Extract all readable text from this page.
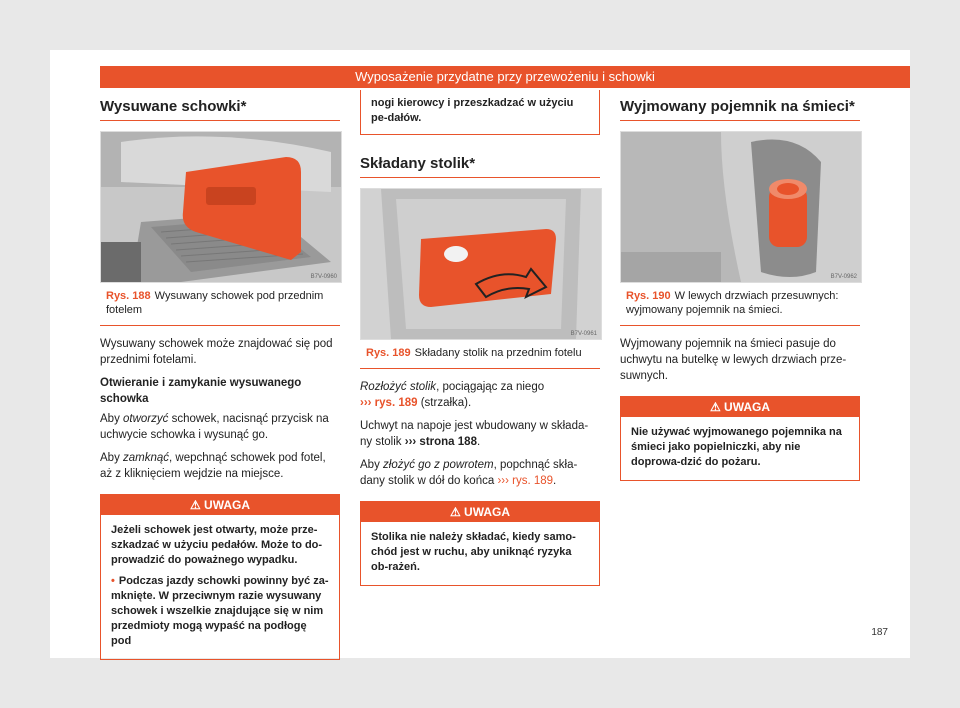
Wyposażenie przydatne przy przewożeniu i schowki
Wysuwane schowki*
B7V-0960
Rys. 188 Wysuwany schowek pod przednim fotelem

Wysuwany schowek może znajdować się pod przednimi fotelami.

Otwieranie i zamykanie wysuwanego schowka

Aby otworzyć schowek, nacisnąć przycisk na uchwycie schowka i wysunąć go.

Aby zamknąć, wepchnąć schowek pod fotel, aż z kliknięciem wejdzie na miejsce.

⚠ UWAGA

Jeżeli schowek jest otwarty, może prze-szkadzać w użyciu pedałów. Może to do-prowadzić do poważnego wypadku.

• Podczas jazdy schowki powinny być za-mknięte. W przeciwnym razie wysuwany schowek i wszelkie znajdujące się w nim przedmioty mogą wypaść na podłogę pod

nogi kierowcy i przeszkadzać w użyciu pe-dałów.
Składany stolik*
B7V-0961
Rys. 189 Składany stolik na przednim fotelu

Rozłożyć stolik, pociągając za niego
››› rys. 189 (strzałka).

Uchwyt na napoje jest wbudowany w składa-ny stolik ››› strona 188.

Aby złożyć go z powrotem, popchnąć skła-dany stolik w dół do końca ››› rys. 189.

⚠ UWAGA

Stolika nie należy składać, kiedy samo-chód jest w ruchu, aby uniknąć ryzyka ob-rażeń.

Wyjmowany pojemnik na śmieci*
B7V-0962
Rys. 190 W lewych drzwiach przesuwnych: wyjmowany pojemnik na śmieci.

Wyjmowany pojemnik na śmieci pasuje do uchwytu na butelkę w lewych drzwiach prze-suwnych.

⚠ UWAGA

Nie używać wyjmowanego pojemnika na śmieci jako popielniczki, aby nie doprowa-dzić do pożaru.

187
